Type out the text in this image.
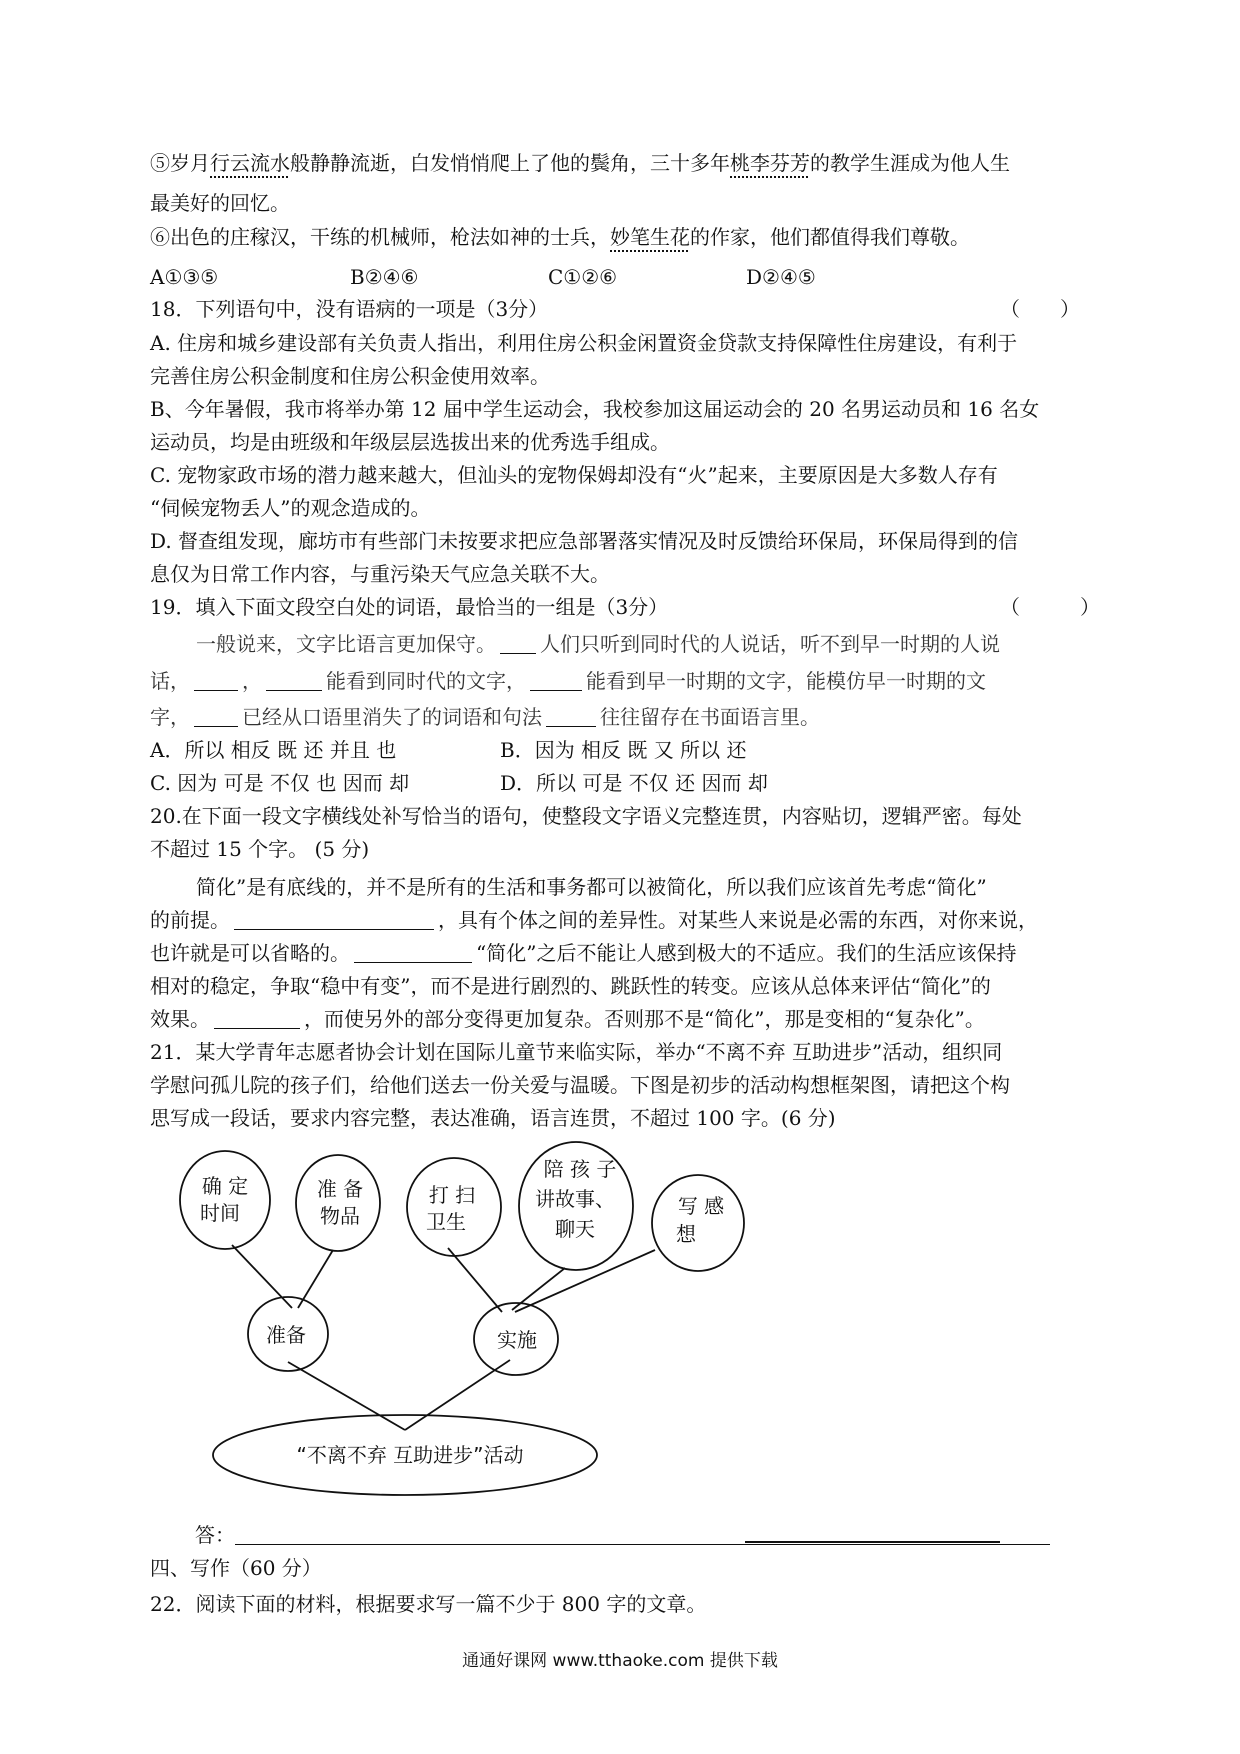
⑤岁月行云流水般静静流逝，白发悄悄爬上了他的鬓角，三十多年桃李芬芳的教学生涯成为他人生
最美好的回忆。
⑥出色的庄稼汉，干练的机械师，枪法如神的士兵，妙笔生花的作家，他们都值得我们尊敬。
A①③⑤	B②④⑥	C①②⑥	D②④⑤
18．下列语句中，没有语病的一项是（3分）	（　　）
A. 住房和城乡建设部有关负责人指出，利用住房公积金闲置资金贷款支持保障性住房建设，有利于
完善住房公积金制度和住房公积金使用效率。
B、今年暑假，我市将举办第 12 届中学生运动会，我校参加这届运动会的 20 名男运动员和 16 名女
运动员，均是由班级和年级层层选拔出来的优秀选手组成。
C. 宠物家政市场的潜力越来越大，但汕头的宠物保姆却没有“火”起来，主要原因是大多数人存有
“伺候宠物丢人”的观念造成的。
D. 督查组发现，廊坊市有些部门未按要求把应急部署落实情况及时反馈给环保局，环保局得到的信
息仅为日常工作内容，与重污染天气应急关联不大。
19．填入下面文段空白处的词语，最恰当的一组是（3分）	（　　　）
一般说来，文字比语言更加保守。 人们只听到同时代的人说话，听不到早一时期的人说
话，	，	能看到同时代的文字，	能看到早一时期的文字，能模仿早一时期的文
字，	已经从口语里消失了的词语和句法	往往留存在书面语言里。
A．所以 相反 既 还 并且 也	B．因为 相反 既 又 所以 还
C. 因为 可是 不仅 也 因而 却	D．所以 可是 不仅 还 因而 却
20.在下面一段文字横线处补写恰当的语句，使整段文字语义完整连贯，内容贴切，逻辑严密。每处
不超过 15 个字。 (5 分)
简化”是有底线的，并不是所有的生活和事务都可以被简化，所以我们应该首先考虑“简化”
的前提。	，具有个体之间的差异性。对某些人来说是必需的东西，对你来说，
也许就是可以省略的。	“简化”之后不能让人感到极大的不适应。我们的生活应该保持
相对的稳定，争取“稳中有变”，而不是进行剧烈的、跳跃性的转变。应该从总体来评估“简化”的
效果。	，而使另外的部分变得更加复杂。否则那不是“简化”，那是变相的“复杂化”。
21．某大学青年志愿者协会计划在国际儿童节来临实际，举办“不离不弃 互助进步”活动，组织同
学慰问孤儿院的孩子们，给他们送去一份关爱与温暖。下图是初步的活动构想框架图，请把这个构
思写成一段话，要求内容完整，表达准确，语言连贯，不超过 100 字。(6 分)
确 定
时间
准 备
物品
打 扫
卫生
陪 孩 子
讲故事、
聊天
写 感
想
准备	实施
“不离不弃 互助进步”活动
答：
四、写作（60 分）
22．阅读下面的材料，根据要求写一篇不少于 800 字的文章。
通通好课网 www.tthaoke.com 提供下载
